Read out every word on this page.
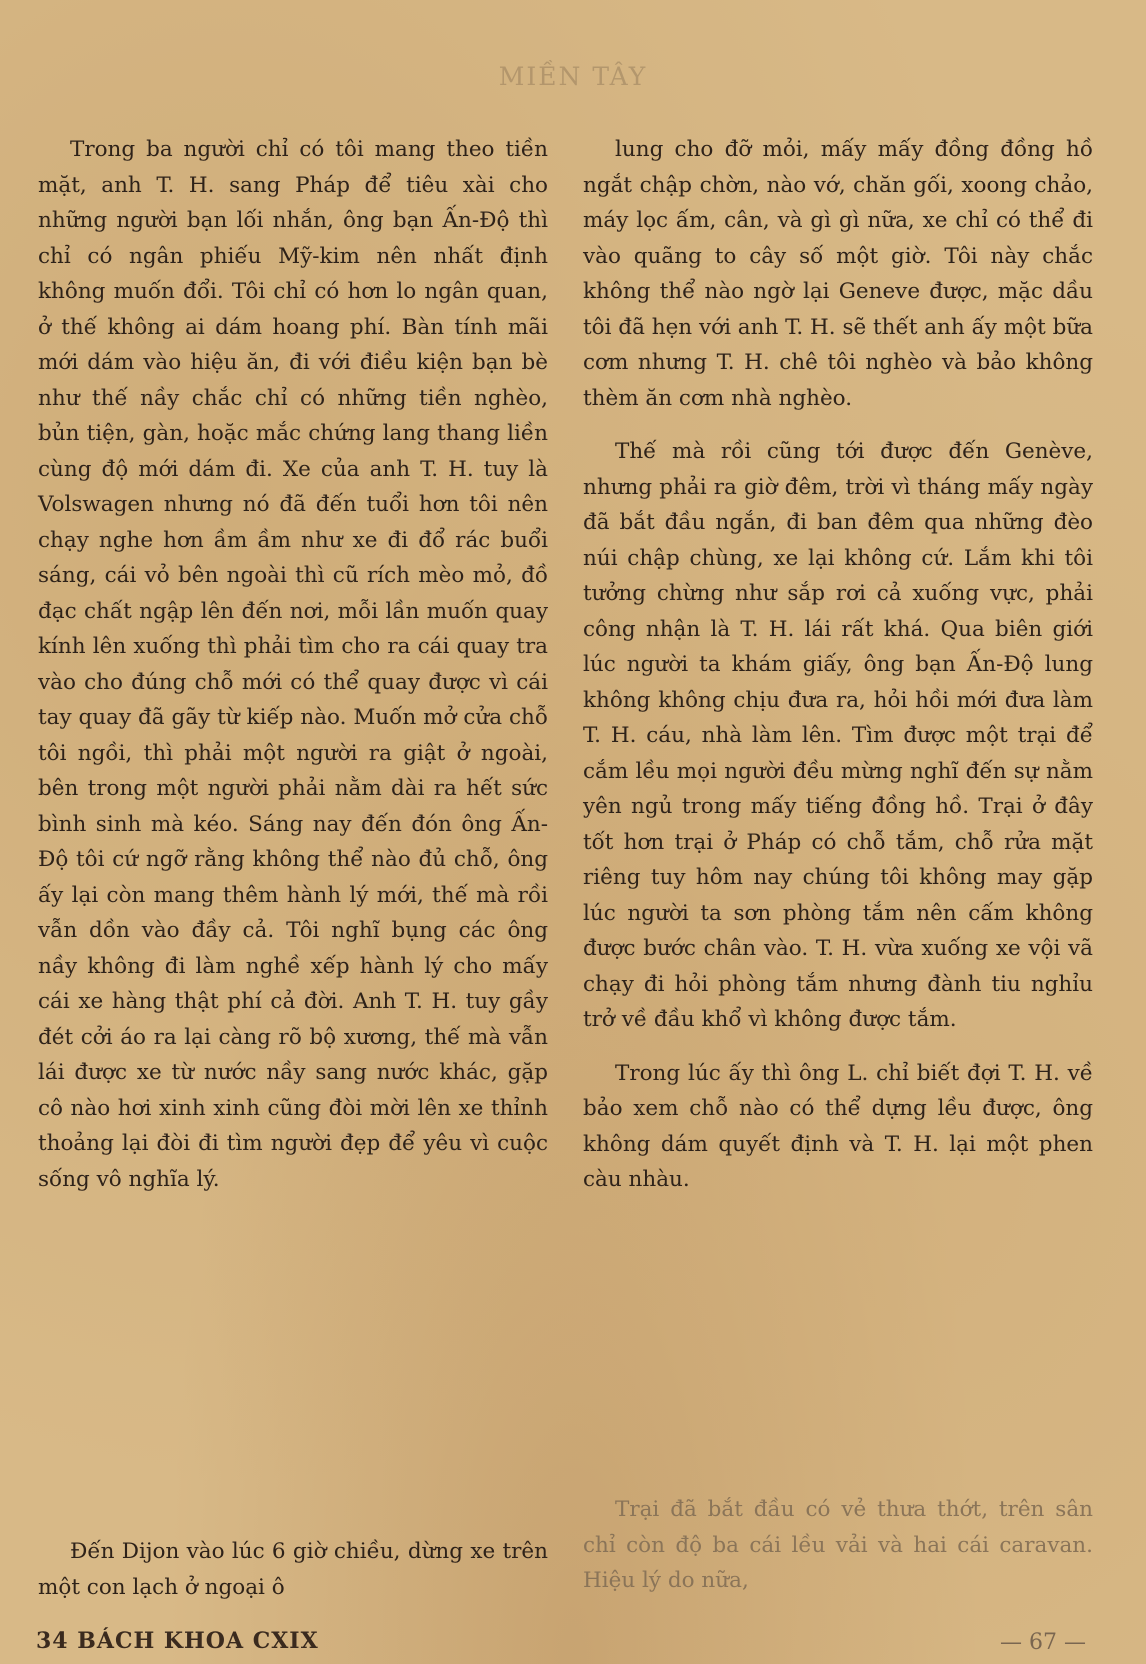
MIỀN TÂY

Trong ba người chỉ có tôi mang theo tiền mặt, anh T. H. sang Pháp để tiêu xài cho những người bạn lối nhắn, ông bạn Ấn-Độ thì chỉ có ngân phiếu Mỹ-kim nên nhất định không muốn đổi. Tôi chỉ có hơn lo ngân quan, ở thế không ai dám hoang phí. Bàn tính mãi mới dám vào hiệu ăn, đi với điều kiện bạn bè như thế nầy chắc chỉ có những tiền nghèo, bủn tiện, gàn, hoặc mắc chứng lang thang liền cùng độ mới dám đi. Xe của anh T. H. tuy là Volswagen nhưng nó đã đến tuổi hơn tôi nên chạy nghe hơn ầm ầm như xe đi đổ rác buổi sáng, cái vỏ bên ngoài thì cũ rích mèo mỏ, đồ đạc chất ngập lên đến nơi, mỗi lần muốn quay kính lên xuống thì phải tìm cho ra cái quay tra vào cho đúng chỗ mới có thể quay được vì cái tay quay đã gãy từ kiếp nào. Muốn mở cửa chỗ tôi ngồi, thì phải một người ra giật ở ngoài, bên trong một người phải nằm dài ra hết sức bình sinh mà kéo. Sáng nay đến đón ông Ấn-Độ tôi cứ ngỡ rằng không thể nào đủ chỗ, ông ấy lại còn mang thêm hành lý mới, thế mà rồi vẫn dồn vào đầy cả. Tôi nghĩ bụng các ông nầy không đi làm nghề xếp hành lý cho mấy cái xe hàng thật phí cả đời. Anh T. H. tuy gầy đét cởi áo ra lại càng rõ bộ xương, thế mà vẫn lái được xe từ nước nầy sang nước khác, gặp cô nào hơi xinh xinh cũng đòi mời lên xe thỉnh thoảng lại đòi đi tìm người đẹp để yêu vì cuộc sống vô nghĩa lý.

Đến Dijon vào lúc 6 giờ chiều, dừng xe trên một con lạch ở ngoại ô

lung cho đỡ mỏi, mấy mấy đồng đồng hồ ngắt chập chờn, nào vớ, chăn gối, xoong chảo, máy lọc ấm, cân, và gì gì nữa, xe chỉ có thể đi vào quãng to cây số một giờ. Tôi này chắc không thể nào ngờ lại Geneve được, mặc dầu tôi đã hẹn với anh T. H. sẽ thết anh ấy một bữa cơm nhưng T. H. chê tôi nghèo và bảo không thèm ăn cơm nhà nghèo.

Thế mà rồi cũng tới được đến Genève, nhưng phải ra giờ đêm, trời vì tháng mấy ngày đã bắt đầu ngắn, đi ban đêm qua những đèo núi chập chùng, xe lại không cứ. Lắm khi tôi tưởng chừng như sắp rơi cả xuống vực, phải công nhận là T. H. lái rất khá. Qua biên giới lúc người ta khám giấy, ông bạn Ấn-Độ lung không không chịu đưa ra, hỏi hồi mới đưa làm T. H. cáu, nhà làm lên. Tìm được một trại để cắm lều mọi người đều mừng nghĩ đến sự nằm yên ngủ trong mấy tiếng đồng hồ. Trại ở đây tốt hơn trại ở Pháp có chỗ tắm, chỗ rửa mặt riêng tuy hôm nay chúng tôi không may gặp lúc người ta sơn phòng tắm nên cấm không được bước chân vào. T. H. vừa xuống xe vội vã chạy đi hỏi phòng tắm nhưng đành tiu nghỉu trở về đầu khổ vì không được tắm.

Trong lúc ấy thì ông L. chỉ biết đợi T. H. về bảo xem chỗ nào có thể dựng lều được, ông không dám quyết định và T. H. lại một phen càu nhàu.

Trại đã bắt đầu có vẻ thưa thớt, trên sân chỉ còn độ ba cái lều vải và hai cái caravan. Hiệu lý do nữa,

34 BÁCH KHOA CXIX	— 67 —
